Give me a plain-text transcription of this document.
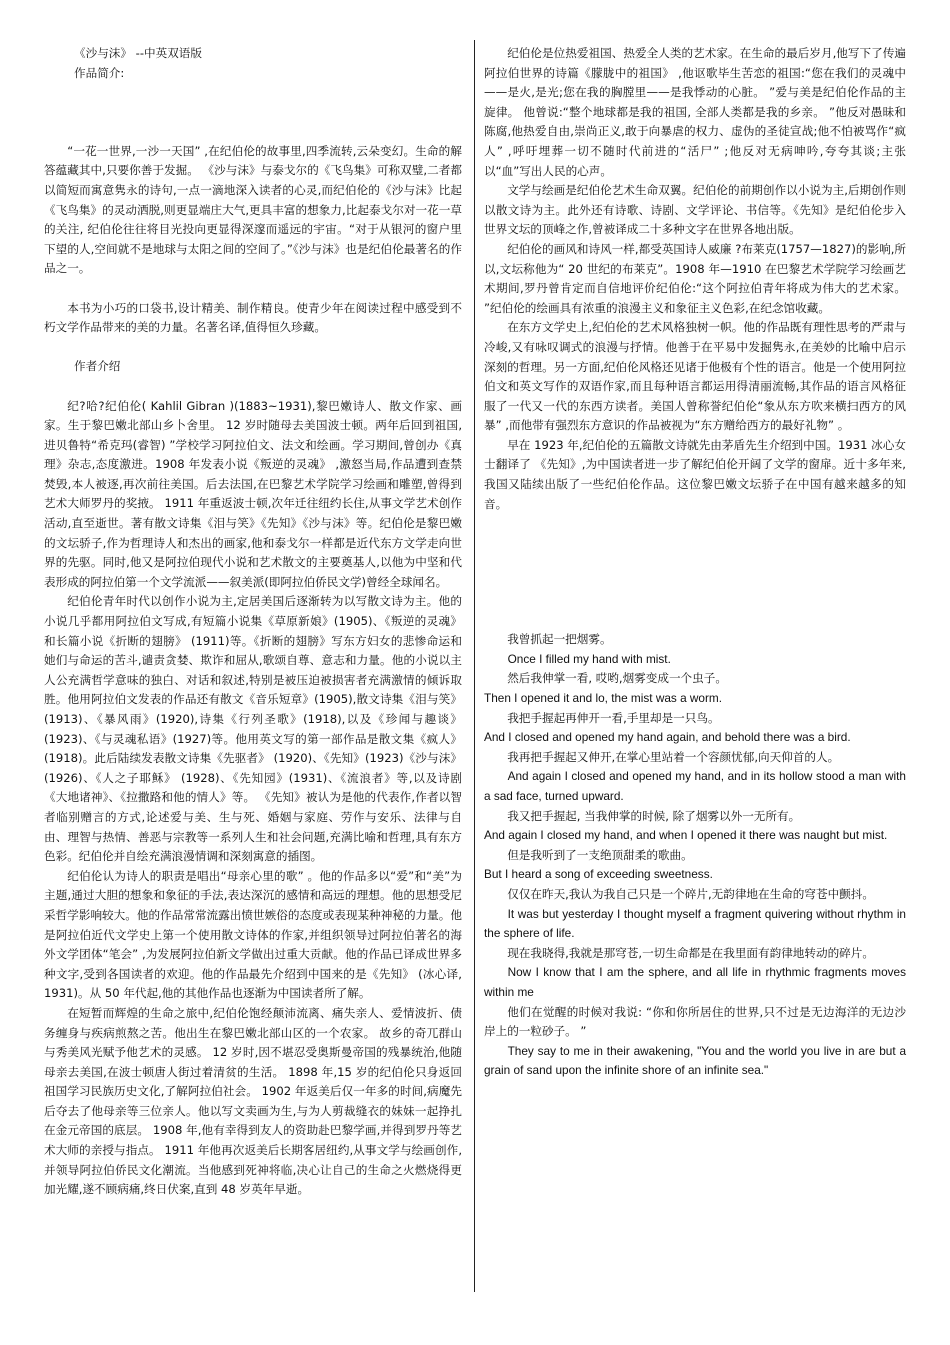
《沙与沫》 --中英双语版

作品简介:

“一花一世界,一沙一天国” ,在纪伯伦的故事里,四季流转,云朵变幻。生命的解答蕴藏其中,只要你善于发掘。 《沙与沫》与泰戈尔的《飞鸟集》可称双璧,二者都以简短而寓意隽永的诗句,一点一滴地深入读者的心灵,而纪伯伦的《沙与沫》比起《飞鸟集》的灵动洒脱,则更显端庄大气,更具丰富的想象力,比起泰戈尔对一花一草的关注, 纪伯伦往往将目光投向更显得深邃而遥远的宇宙。“对于从银河的窗户里下望的人,空间就不是地球与太阳之间的空间了。”《沙与沫》也是纪伯伦最著名的作品之一。

本书为小巧的口袋书,设计精美、制作精良。使青少年在阅读过程中感受到不朽文学作品带来的美的力量。名著名译,值得恒久珍藏。

作者介绍

纪?哈?纪伯伦( Kahlil Gibran )(1883~1931),黎巴嫩诗人、散文作家、画家。生于黎巴嫩北部山乡卜舍里。 12 岁时随母去美国波士顿。两年后回到祖国,进贝鲁特“希克玛(睿智) ”学校学习阿拉伯文、法文和绘画。学习期间,曾创办《真理》杂志,态度激进。1908 年发表小说《叛逆的灵魂》 ,激怒当局,作品遭到查禁焚毁,本人被逐,再次前往美国。后去法国,在巴黎艺术学院学习绘画和雕塑,曾得到艺术大师罗丹的奖掖。 1911 年重返波士顿,次年迁往纽约长住,从事文学艺术创作活动,直至逝世。著有散文诗集《泪与笑》《先知》《沙与沫》等。纪伯伦是黎巴嫩的文坛骄子,作为哲理诗人和杰出的画家,他和泰戈尔一样都是近代东方文学走向世界的先驱。同时,他又是阿拉伯现代小说和艺术散文的主要奠基人,以他为中坚和代表形成的阿拉伯第一个文学流派——叙美派(即阿拉伯侨民文学)曾经全球闻名。

纪伯伦青年时代以创作小说为主,定居美国后逐渐转为以写散文诗为主。他的小说几乎都用阿拉伯文写成,有短篇小说集《草原新娘》(1905)、《叛逆的灵魂》和长篇小说《折断的翅膀》 (1911)等。《折断的翅膀》写东方妇女的悲惨命运和她们与命运的苦斗,谴责贪婪、欺诈和屈从,歌颂自尊、意志和力量。他的小说以主人公充满哲学意味的独白、对话和叙述,特别是被压迫被损害者充满激情的倾诉取胜。他用阿拉伯文发表的作品还有散文《音乐短章》(1905),散文诗集《泪与笑》 (1913)、《暴风雨》(1920),诗集《行列圣歌》(1918),以及《珍闻与趣谈》(1923)、《与灵魂私语》(1927)等。他用英文写的第一部作品是散文集《疯人》 (1918)。此后陆续发表散文诗集《先驱者》 (1920)、《先知》(1923)《沙与沫》(1926)、《人之子耶稣》 (1928)、《先知园》(1931)、《流浪者》等,以及诗剧《大地诸神》、《拉撒路和他的情人》等。 《先知》被认为是他的代表作,作者以智者临别赠言的方式,论述爱与美、生与死、婚姻与家庭、劳作与安乐、法律与自由、理智与热情、善恶与宗教等一系列人生和社会问题,充满比喻和哲理,具有东方色彩。纪伯伦并自绘充满浪漫情调和深刻寓意的插图。

纪伯伦认为诗人的职责是唱出“母亲心里的歌” 。他的作品多以“爱”和“美”为主题,通过大胆的想象和象征的手法,表达深沉的感情和高远的理想。他的思想受尼采哲学影响较大。他的作品常常流露出愤世嫉俗的态度或表现某种神秘的力量。他是阿拉伯近代文学史上第一个使用散文诗体的作家,并组织领导过阿拉伯著名的海外文学团体“笔会” ,为发展阿拉伯新文学做出过重大贡献。他的作品已译成世界多种文字,受到各国读者的欢迎。他的作品最先介绍到中国来的是《先知》 (冰心译, 1931)。从 50 年代起,他的其他作品也逐渐为中国读者所了解。

在短暂而辉煌的生命之旅中,纪伯伦饱经颠沛流离、痛失亲人、爱情波折、债务缠身与疾病煎熬之苦。他出生在黎巴嫩北部山区的一个农家。 故乡的奇兀群山与秀美风光赋予他艺术的灵感。 12 岁时,因不堪忍受奥斯曼帝国的残暴统治,他随母亲去美国,在波士顿唐人街过着清贫的生活。 1898 年,15 岁的纪伯伦只身返回祖国学习民族历史文化,了解阿拉伯社会。 1902 年返美后仅一年多的时间,病魔先后夺去了他母亲等三位亲人。他以写文卖画为生,与为人剪裁缝衣的妹妹一起挣扎在金元帝国的底层。 1908 年,他有幸得到友人的资助赴巴黎学画,并得到罗丹等艺术大师的亲授与指点。 1911 年他再次返美后长期客居纽约,从事文学与绘画创作,并领导阿拉伯侨民文化潮流。当他感到死神将临,决心让自己的生命之火燃烧得更加光耀,遂不顾病痛,终日伏案,直到 48 岁英年早逝。

纪伯伦是位热爱祖国、热爱全人类的艺术家。在生命的最后岁月,他写下了传遍阿拉伯世界的诗篇《朦胧中的祖国》 ,他讴歌毕生苦恋的祖国:“您在我们的灵魂中——是火,是光;您在我的胸膛里——是我悸动的心脏。 ”爱与美是纪伯伦作品的主旋律。 他曾说:“整个地球都是我的祖国, 全部人类都是我的乡亲。 ”他反对愚昧和陈腐,他热爱自由,崇尚正义,敢于向暴虐的权力、虚伪的圣徒宣战;他不怕被骂作“疯人” ,呼吁埋葬一切不随时代前进的“活尸” ;他反对无病呻吟,夸夸其谈;主张以“血”写出人民的心声。

文学与绘画是纪伯伦艺术生命双翼。纪伯伦的前期创作以小说为主,后期创作则以散文诗为主。此外还有诗歌、诗剧、文学评论、书信等。《先知》是纪伯伦步入世界文坛的顶峰之作,曾被译成二十多种文字在世界各地出版。

纪伯伦的画风和诗风一样,都受英国诗人威廉 ?布莱克(1757—1827)的影响,所以,文坛称他为“ 20 世纪的布莱克”。1908 年—1910 在巴黎艺术学院学习绘画艺术期间,罗丹曾肯定而自信地评价纪伯伦:“这个阿拉伯青年将成为伟大的艺术家。 ”纪伯伦的绘画具有浓重的浪漫主义和象征主义色彩,在纪念馆收藏。

在东方文学史上,纪伯伦的艺术风格独树一帜。他的作品既有理性思考的严肃与冷峻,又有咏叹调式的浪漫与抒情。他善于在平易中发掘隽永,在美妙的比喻中启示深刻的哲理。另一方面,纪伯伦风格还见诸于他极有个性的语言。他是一个使用阿拉伯文和英文写作的双语作家,而且每种语言都运用得清丽流畅,其作品的语言风格征服了一代又一代的东西方读者。美国人曾称誉纪伯伦“象从东方吹来横扫西方的风暴” ,而他带有强烈东方意识的作品被视为“东方赠给西方的最好礼物” 。

早在 1923 年,纪伯伦的五篇散文诗就先由茅盾先生介绍到中国。1931 冰心女士翻译了 《先知》,为中国读者进一步了解纪伯伦开阔了文学的窗扉。近十多年来,我国又陆续出版了一些纪伯伦作品。这位黎巴嫩文坛骄子在中国有越来越多的知音。

我曾抓起一把烟雾。

Once I filled my hand with mist.

然后我伸掌一看, 哎哟,烟雾变成一个虫子。

Then I opened it and lo, the mist was a worm.

我把手握起再伸开一看,手里却是一只鸟。

And I closed and opened my hand again, and behold there was a bird.

我再把手握起又伸开,在掌心里站着一个容颜忧郁,向天仰首的人。

And again I closed and opened my hand, and in its hollow stood a man with a sad face, turned upward.

我又把手握起, 当我伸掌的时候, 除了烟雾以外一无所有。

And again I closed my hand, and when I opened it there was naught but mist.

但是我听到了一支绝顶甜柔的歌曲。

But I heard a song of exceeding sweetness.

仅仅在昨天,我认为我自己只是一个碎片,无韵律地在生命的穹苍中颤抖。

It was but yesterday I thought myself a fragment quivering without rhythm in the sphere of life.

现在我晓得,我就是那穹苍,一切生命都是在我里面有韵律地转动的碎片。

Now I know that I am the sphere, and all life in rhythmic fragments moves within me

他们在觉醒的时候对我说: “你和你所居住的世界,只不过是无边海洋的无边沙岸上的一粒砂子。 ”

They say to me in their awakening, "You and the world you live in are but a grain of sand upon the infinite shore of an infinite sea."
